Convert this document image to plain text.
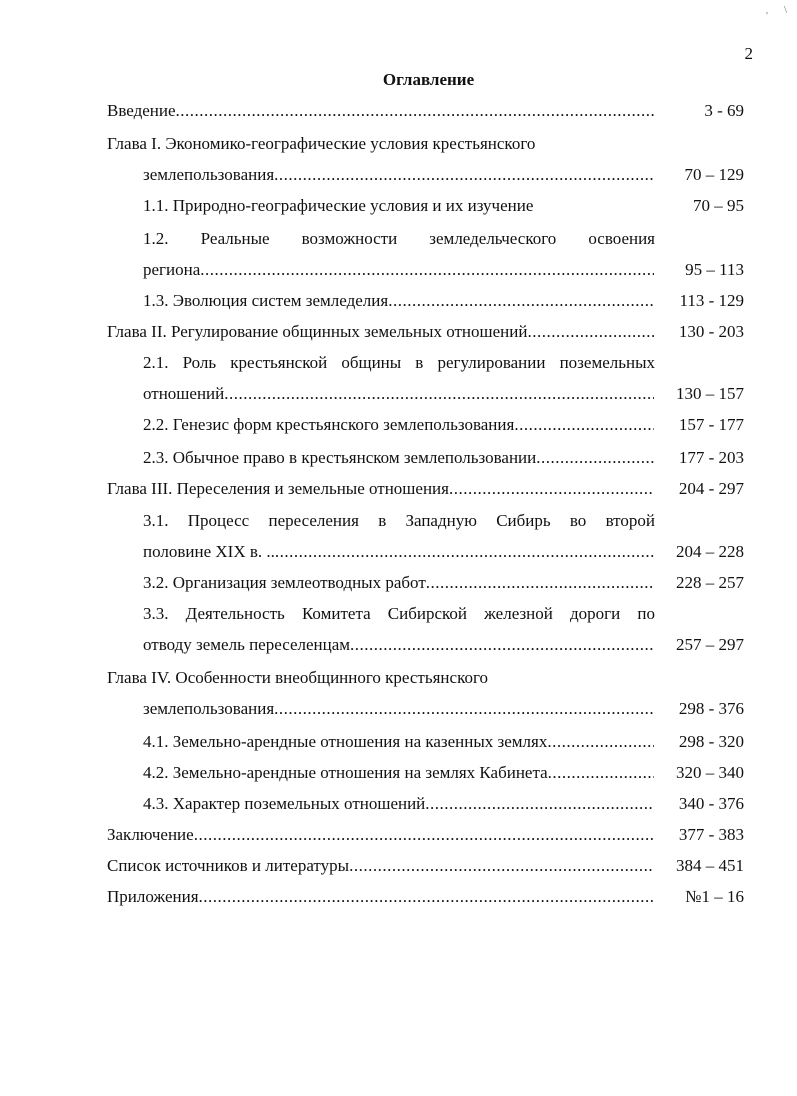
2
Оглавление
' \
Введение .....	3 - 69
Глава I. Экономико-географические условия крестьянского
землепользования .....	70 – 129
1.1. Природно-географические условия и их изучение	70 – 95
1.2. Реальные возможности земледельческого освоения
региона .....	95 – 113
1.3. Эволюция систем земледелия .....	113 - 129
Глава II. Регулирование общинных земельных отношений .....	130 - 203
2.1. Роль крестьянской общины в регулировании поземельных
отношений .....	130 – 157
2.2. Генезис форм крестьянского землепользования .....	157 - 177
2.3. Обычное право в крестьянском землепользовании .....	177 - 203
Глава III. Переселения и земельные отношения .....	204 - 297
3.1. Процесс переселения в Западную Сибирь во второй
половине XIX в. .. .....	204 – 228
3.2. Организация землеотводных работ .....	228 – 257
3.3. Деятельность Комитета Сибирской железной дороги по
отводу земель переселенцам .....	257 – 297
Глава IV. Особенности внеобщинного крестьянского
землепользования .....	298 - 376
4.1. Земельно-арендные отношения на казенных землях .....	298 - 320
4.2. Земельно-арендные отношения на землях Кабинета .....	320 – 340
4.3. Характер поземельных отношений .....	340 - 376
Заключение .....	377 - 383
Список источников и литературы .....	384 – 451
Приложения .....	№1 – 16
